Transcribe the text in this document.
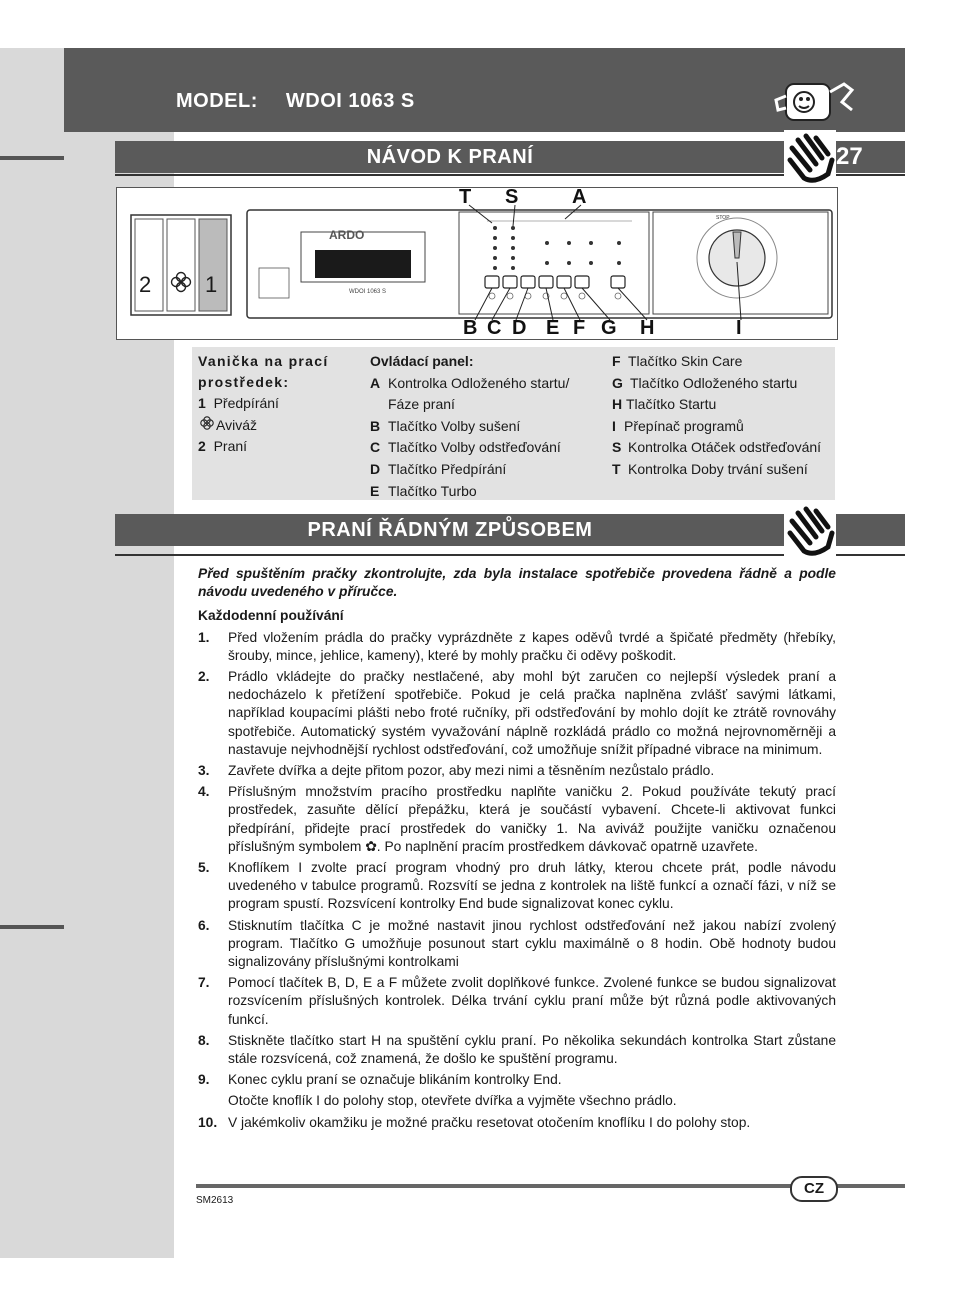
MODEL: WDOI 1063 S
NÁVOD K PRANÍ	27
ARDO
WDOI 1063 S
STOP
2 1
T S	A
B C D E F G H	I
Vanička na prací prostředek:
1 Předpírání
Aviváž
2 Praní
Ovládací panel:
A Kontrolka Odloženého startu/ Fáze praní
B Tlačítko Volby sušení
C Tlačítko Volby odstřeďování
D Tlačítko Předpírání
E Tlačítko Turbo
F Tlačítko Skin Care
G Tlačítko Odloženého startu
H Tlačítko Startu
I Přepínač programů
S Kontrolka Otáček odstřeďování
T Kontrolka Doby trvání sušení
PRANÍ ŘÁDNÝM ZPŮSOBEM
Před spuštěním pračky zkontrolujte, zda byla instalace spotřebiče provedena řádně a podle návodu uvedeného v příručce.
Každodenní používání
1.	Před vložením prádla do pračky vyprázdněte z kapes oděvů tvrdé a špičaté předměty (hřebíky, šrouby, mince, jehlice, kameny), které by mohly pračku či oděvy poškodit.
2.	Prádlo vkládejte do pračky nestlačené, aby mohl být zaručen co nejlepší výsledek praní a nedocházelo k přetížení spotřebiče. Pokud je celá pračka naplněna zvlášť savými látkami, například koupacími plášti nebo froté ručníky, při odstřeďování by mohlo dojít ke ztrátě rovnováhy spotřebiče. Automatický systém vyvažování náplně rozkládá prádlo co možná nejrovnoměrněji a nastavuje nejvhodnější rychlost odstřeďování, což umožňuje snížit případné vibrace na minimum.
3.	Zavřete dvířka a dejte přitom pozor, aby mezi nimi a těsněním nezůstalo prádlo.
4.	Příslušným množstvím pracího prostředku naplňte vaničku 2. Pokud používáte tekutý prací prostředek, zasuňte dělící přepážku, která je součástí vybavení. Chcete-li aktivovat funkci předpírání, přidejte prací prostředek do vaničky 1. Na aviváž použijte vaničku označenou příslušným symbolem ✿. Po naplnění pracím prostředkem dávkovač opatrně uzavřete.
5.	Knoflíkem I zvolte prací program vhodný pro druh látky, kterou chcete prát, podle návodu uvedeného v tabulce programů. Rozsvítí se jedna z kontrolek na liště funkcí a označí fázi, v níž se program spustí. Rozsvícení kontrolky End bude signalizovat konec cyklu.
6.	Stisknutím tlačítka C je možné nastavit jinou rychlost odstřeďování než jakou nabízí zvolený program. Tlačítko G umožňuje posunout start cyklu maximálně o 8 hodin. Obě hodnoty budou signalizovány příslušnými kontrolkami
7.	Pomocí tlačítek B, D, E a F můžete zvolit doplňkové funkce. Zvolené funkce se budou signalizovat rozsvícením příslušných kontrolek. Délka trvání cyklu praní může být různá podle aktivovaných funkcí.
8.	Stiskněte tlačítko start H na spuštění cyklu praní. Po několika sekundách kontrolka Start zůstane stále rozsvícená, což znamená, že došlo ke spuštění programu.
9.	Konec cyklu praní se označuje blikáním kontrolky End.
Otočte knoflík I do polohy stop, otevřete dvířka a vyjměte všechno prádlo.
10. V jakémkoliv okamžiku je možné pračku resetovat otočením knoflíku I do polohy stop.
CZ
SM2613
